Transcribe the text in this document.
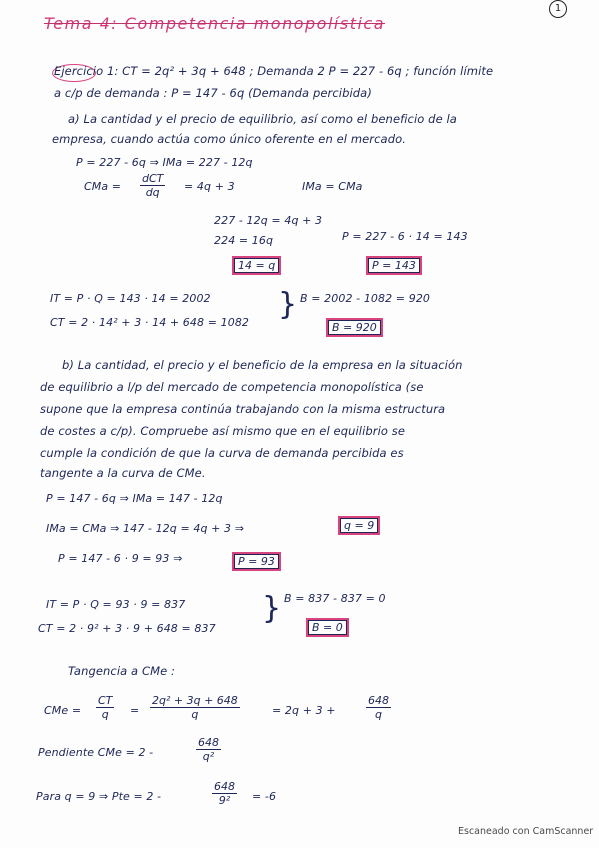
Tema 4: Competencia monopolística
1
Ejercicio 1: CT = 2q² + 3q + 648 ; Demanda 2 P = 227 - 6q ; función límite
a c/p de demanda : P = 147 - 6q (Demanda percibida)
a) La cantidad y el precio de equilibrio, así como el beneficio de la
empresa, cuando actúa como único oferente en el mercado.
P = 227 - 6q ⇒ IMa = 227 - 12q
CMa =
dCT
dq	= 4q + 3	IMa = CMa
227 - 12q = 4q + 3
224 = 16q	P = 227 - 6 · 14 = 143
14 = q	P = 143
IT = P · Q = 143 · 14 = 2002
CT = 2 · 14² + 3 · 14 + 648 = 1082
} B = 2002 - 1082 = 920
B = 920
b) La cantidad, el precio y el beneficio de la empresa en la situación
de equilibrio a l/p del mercado de competencia monopolística (se
supone que la empresa continúa trabajando con la misma estructura
de costes a c/p). Compruebe así mismo que en el equilibrio se
cumple la condición de que la curva de demanda percibida es
tangente a la curva de CMe.
P = 147 - 6q ⇒ IMa = 147 - 12q
IMa = CMa ⇒ 147 - 12q = 4q + 3 ⇒	q = 9
P = 147 - 6 · 9 = 93 ⇒	P = 93
IT = P · Q = 93 · 9 = 837
CT = 2 · 9² + 3 · 9 + 648 = 837
} B = 837 - 837 = 0
B = 0
Tangencia a CMe :
CMe = $\frac{CT}{q} = \frac{\text{2q² + 3q + 648}}{q}$	= 2q + 3 +	$\frac{648}{q}$
Pendiente CMe = 2 -	$\frac{648}{\text{q²}}$
Para q = 9 ⇒ Pte = 2 -	$\frac{648}{\text{9²}} = -6$
Escaneado con CamScanner
